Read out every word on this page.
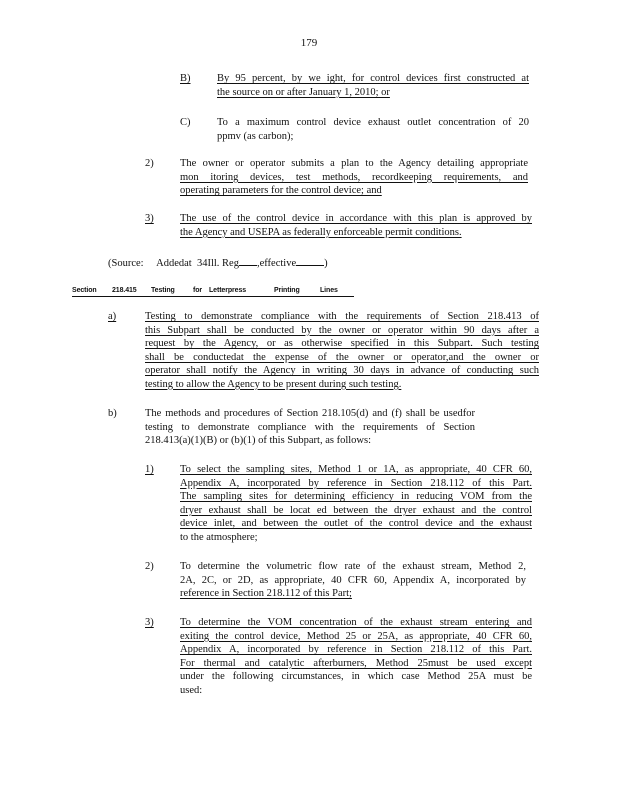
179
B)	By 95 percent, by we ight, for control devices first constructed at
the source on or after January 1, 2010; or
C)	To a maximum control device exhaust outlet concentration of 20
ppmv (as carbon);
2)	The owner or operator submits a plan to the Agency detailing appropriate
mon itoring devices, test methods, recordkeeping requirements, and
operating parameters for the control device; and
3)	The use of the control device in accordance with this plan is approved by
the Agency and USEPA as federally enforceable permit conditions.
(Source: Addedat  34Ill. Reg ,effective	)
Section 218.415 Testing	for Letterpress	Printing	Lines
a)	Testing to demonstrate compliance with the requirements of Section 218.413 of
this Subpart shall be conducted by the owner or operator within 90 days after a
request by the Agency, or as otherwise specified in this Subpart. Such testing
shall be conductedat the expense of the owner or operator,and the owner or
operator shall notify the Agency in writing 30 days in advance of conducting such
testing to allow the Agency to be present during such testing.
b)	The methods and procedures of Section 218.105(d) and (f) shall be usedfor
testing to demonstrate compliance with the requirements of Section
218.413(a)(1)(B) or (b)(1) of this Subpart, as follows:
1)	To select the sampling sites, Method 1 or 1A, as appropriate, 40 CFR 60,
Appendix A, incorporated by reference in Section 218.112 of this Part.
The sampling sites for determining efficiency in reducing VOM from the
dryer exhaust shall be locat ed between the dryer exhaust and the control
device inlet, and between the outlet of the control device and the exhaust
to the atmosphere;
2)	To determine the volumetric flow rate of the exhaust stream, Method 2,
2A, 2C, or 2D, as appropriate, 40 CFR 60, Appendix A, incorporated by
reference in Section 218.112 of this Part;
3)	To determine the VOM concentration of the exhaust stream entering and
exiting the control device, Method 25 or 25A, as appropriate, 40 CFR 60,
Appendix A, incorporated by reference in Section 218.112 of this Part.
For thermal and catalytic afterburners, Method 25must be used except
under the following circumstances, in which case Method 25A must be
used:
